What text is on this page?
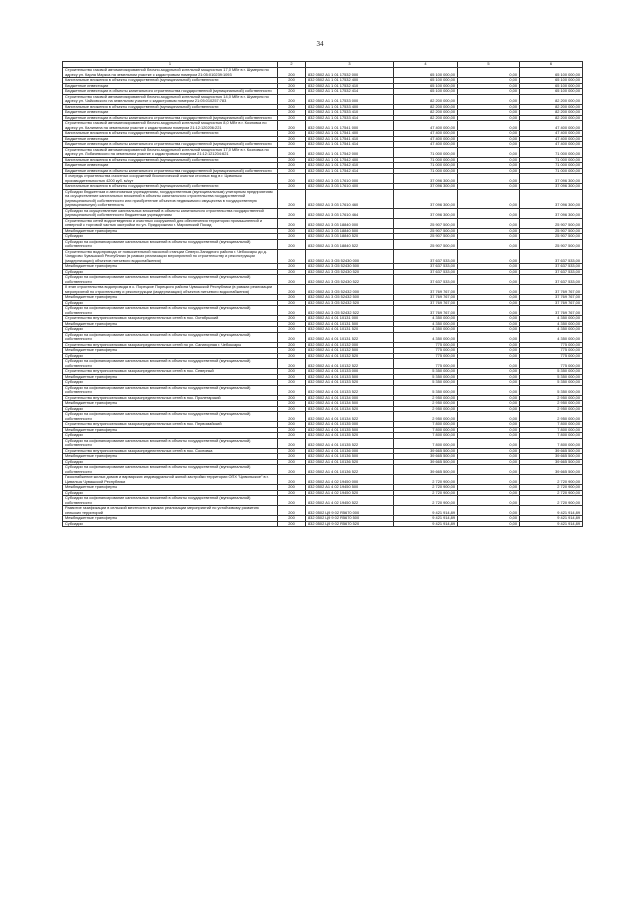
34
1	2	3	4	5	6
Строительство газовой автоматизированной блочно-модульной котельной мощностью 17,0 МВт в г. Шумерля по адресу ул. Карла Маркса на земельном участке с кадастровым номером 21:05:010239:1093	200	832 0502 А1 1 01 17532 000	65 100 000,00	0,00	65 100 000,00
Капитальные вложения в объекты государственной (муниципальной) собственности	200	832 0502 А1 1 01 17532 400	65 100 000,00	0,00	65 100 000,00
Бюджетные инвестиции	200	832 0502 А1 1 01 17532 410	65 100 000,00	0,00	65 100 000,00
Бюджетные инвестиции в объекты капитального строительства государственной (муниципальной) собственности	200	832 0502 А1 1 01 17532 414	65 100 000,00	0,00	65 100 000,00
Строительство газовой автоматизированной блочно-модульной котельной мощностью 14,0 МВт в г. Шумерля по адресу ул. Чайковского на земельном участке с кадастровым номером 21:05:010257:783	200	832 0502 А1 1 01 17533 000	82 200 000,00	0,00	82 200 000,00
Капитальные вложения в объекты государственной (муниципальной) собственности	200	832 0502 А1 1 01 17533 400	82 200 000,00	0,00	82 200 000,00
Бюджетные инвестиции	200	832 0502 А1 1 01 17533 410	82 200 000,00	0,00	82 200 000,00
Бюджетные инвестиции в объекты капитального строительства государственной (муниципальной) собственности	200	832 0502 А1 1 01 17533 414	82 200 000,00	0,00	82 200 000,00
Строительство газовой автоматизированной блочно-модульной котельной мощностью 8,0 МВт в г. Козловка по адресу ул. Калинина на земельном участке с кадастровым номером 21:12:120206:221	200	832 0502 А1 1 01 17541 000	47 400 000,00	0,00	47 400 000,00
Капитальные вложения в объекты государственной (муниципальной) собственности	200	832 0502 А1 1 01 17541 400	47 400 000,00	0,00	47 400 000,00
Бюджетные инвестиции	200	832 0502 А1 1 01 17541 410	47 400 000,00	0,00	47 400 000,00
Бюджетные инвестиции в объекты капитального строительства государственной (муниципальной) собственности	200	832 0502 А1 1 01 17541 414	47 400 000,00	0,00	47 400 000,00
Строительство газовой автоматизированной блочно-модульной котельной мощностью 17,0 МВт в г. Козловка по адресу ул. Лобачевского на земельном участке с кадастровым номером 21:12:121204:621	200	832 0502 А1 1 01 17542 000	71 000 000,00	0,00	71 000 000,00
Капитальные вложения в объекты государственной (муниципальной) собственности	200	832 0502 А1 1 01 17542 400	71 000 000,00	0,00	71 000 000,00
Бюджетные инвестиции	200	832 0502 А1 1 01 17542 410	71 000 000,00	0,00	71 000 000,00
Бюджетные инвестиции в объекты капитального строительства государственной (муниципальной) собственности	200	832 0502 А1 1 01 17542 414	71 000 000,00	0,00	71 000 000,00
II очередь строительства очистных сооружений биологической очистки сточных вод в г. Цивильск производительностью 4200 куб. м/сут	200	832 0502 А1 3 03 17610 000	37 096 300,00	0,00	37 096 300,00
Капитальные вложения в объекты государственной (муниципальной) собственности	200	832 0502 А1 3 03 17610 400	37 096 300,00	0,00	37 096 300,00
Субсидии бюджетным и автономным учреждениям, государственным (муниципальным) унитарным предприятиям на осуществление капитальных вложений в объекты капитального строительства государственной (муниципальной) собственности или приобретение объектов недвижимого имущества в государственную (муниципальную) собственность	200	832 0502 А1 3 03 17610 460	37 096 300,00	0,00	37 096 300,00
Субсидии на осуществление капитальных вложений в объекты капитального строительства государственной (муниципальной) собственности бюджетным учреждениям	200	832 0502 А1 3 03 17610 464	37 096 300,00	0,00	37 096 300,00
Строительство сетей водоотведения и очистных сооружений для обеспечения территории промышленной и северной с торговой частью застройки по ул. Придорожная г. Мариинский Посад	200	832 0502 А1 3 03 18840 000	25 907 500,00	0,00	25 907 500,00
Межбюджетные трансферты	200	832 0502 А1 3 03 18840 500	25 907 500,00	0,00	25 907 500,00
Субсидии	200	832 0502 А1 3 03 18840 520	25 907 500,00	0,00	25 907 500,00
Субсидии на софинансирование капитальных вложений в объекты государственной (муниципальной) собственности	200	832 0502 А1 3 03 18840 522	25 907 500,00	0,00	25 907 500,00
Строительство водопровода от повысительной насосной станции Северо-Западного района г. Чебоксары до д. Чандрово Чувашской Республики (в рамках реализации мероприятий по строительству и реконструкции (модернизации) объектов питьевого водоснабжения)	200	832 0502 А1 3 G5 52430 000	37 637 533,00	0,00	37 637 533,00
Межбюджетные трансферты	200	832 0502 А1 3 G5 52430 500	37 637 533,00	0,00	37 637 533,00
Субсидии	200	832 0502 А1 3 G5 52430 520	37 637 533,00	0,00	37 637 533,00
Субсидии на софинансирование капитальных вложений в объекты государственной (муниципальной) собственности	200	832 0502 А1 3 G5 52430 522	37 637 533,00	0,00	37 637 533,00
II этап строительства водопровода в с. Порецкое Порецкого района Чувашской Республики (в рамках реализации мероприятий по строительству и реконструкции (модернизации) объектов питьевого водоснабжения)	200	832 0502 А1 3 G5 52432 000	37 769 767,00	0,00	37 769 767,00
Межбюджетные трансферты	200	832 0502 А1 3 G5 52432 500	37 769 767,00	0,00	37 769 767,00
Субсидии	200	832 0502 А1 3 G5 52432 520	37 769 767,00	0,00	37 769 767,00
Субсидии на софинансирование капитальных вложений в объекты государственной (муниципальной) собственности	200	832 0502 А1 3 G5 52432 522	37 769 767,00	0,00	37 769 767,00
Строительство внутрипоселковых газораспределительных сетей в пос. Октябрьский	200	832 0502 А1 4 01 10131 000	4 350 000,00	0,00	4 350 000,00
Межбюджетные трансферты	200	832 0502 А1 4 01 10131 500	4 350 000,00	0,00	4 350 000,00
Субсидии	200	832 0502 А1 4 01 10131 520	4 350 000,00	0,00	4 350 000,00
Субсидии на софинансирование капитальных вложений в объекты государственной (муниципальной) собственности	200	832 0502 А1 4 01 10131 522	4 350 000,00	0,00	4 350 000,00
Строительство внутрипоселковых газораспределительных сетей по ул. Санаторная г. Чебоксары	200	832 0502 А1 4 01 10132 000	775 000,00	0,00	775 000,00
Межбюджетные трансферты	200	832 0502 А1 4 01 10132 500	775 000,00	0,00	775 000,00
Субсидии	200	832 0502 А1 4 01 10132 520	775 000,00	0,00	775 000,00
Субсидии на софинансирование капитальных вложений в объекты государственной (муниципальной) собственности	200	832 0502 А1 4 01 10132 522	775 000,00	0,00	775 000,00
Строительство внутрипоселковых газораспределительных сетей в пос. Северный	200	832 0502 А1 4 01 10133 000	5 350 000,00	0,00	5 350 000,00
Межбюджетные трансферты	200	832 0502 А1 4 01 10133 500	5 350 000,00	0,00	5 350 000,00
Субсидии	200	832 0502 А1 4 01 10133 520	5 350 000,00	0,00	5 350 000,00
Субсидии на софинансирование капитальных вложений в объекты государственной (муниципальной) собственности	200	832 0502 А1 4 01 10133 522	5 350 000,00	0,00	5 350 000,00
Строительство внутрипоселковых газораспределительных сетей в пос. Пролетарский	200	832 0502 А1 4 01 10134 000	2 950 000,00	0,00	2 950 000,00
Межбюджетные трансферты	200	832 0502 А1 4 01 10134 500	2 950 000,00	0,00	2 950 000,00
Субсидии	200	832 0502 А1 4 01 10134 520	2 950 000,00	0,00	2 950 000,00
Субсидии на софинансирование капитальных вложений в объекты государственной (муниципальной) собственности	200	832 0502 А1 4 01 10134 522	2 950 000,00	0,00	2 950 000,00
Строительство внутрипоселковых газораспределительных сетей в пос. Первомайский	200	832 0502 А1 4 01 10135 000	7 800 000,00	0,00	7 800 000,00
Межбюджетные трансферты	200	832 0502 А1 4 01 10135 500	7 800 000,00	0,00	7 800 000,00
Субсидии	200	832 0502 А1 4 01 10135 520	7 800 000,00	0,00	7 800 000,00
Субсидии на софинансирование капитальных вложений в объекты государственной (муниципальной) собственности	200	832 0502 А1 4 01 10135 522	7 800 000,00	0,00	7 800 000,00
Строительство внутрипоселковых газораспределительных сетей в пос. Сосновка	200	832 0502 А1 4 01 10136 000	39 665 500,00	0,00	39 665 500,00
Межбюджетные трансферты	200	832 0502 А1 4 01 10136 500	39 665 500,00	0,00	39 665 500,00
Субсидии	200	832 0502 А1 4 01 10136 520	39 665 500,00	0,00	39 665 500,00
Субсидии на софинансирование капитальных вложений в объекты государственной (муниципальной) собственности	200	832 0502 А1 4 01 10136 522	39 665 500,00	0,00	39 665 500,00
Газоснабжение жилых домов и варварских индивидуальной жилой застройки территории ОПХ "Цивильское" в г. Цивильск Чувашской Республики	200	832 0502 А1 4 02 19450 000	2 720 900,00	0,00	2 720 900,00
Межбюджетные трансферты	200	832 0502 А1 4 02 19450 500	2 720 900,00	0,00	2 720 900,00
Субсидии	200	832 0502 А1 4 02 19450 520	2 720 900,00	0,00	2 720 900,00
Субсидии на софинансирование капитальных вложений в объекты государственной (муниципальной) собственности	200	832 0502 А1 4 02 19450 522	2 720 900,00	0,00	2 720 900,00
Развитие газификации в сельской местности в рамках реализации мероприятий по устойчивому развитию сельских территорий	200	832 0502 Ц9 9 02 R5670 000	9 421 914,89	0,00	9 421 914,89
Межбюджетные трансферты	200	832 0502 Ц9 9 02 R5670 500	9 421 914,89	0,00	9 421 914,89
Субсидии	200	832 0502 Ц9 9 02 R5670 520	9 421 914,89	0,00	9 421 914,89
